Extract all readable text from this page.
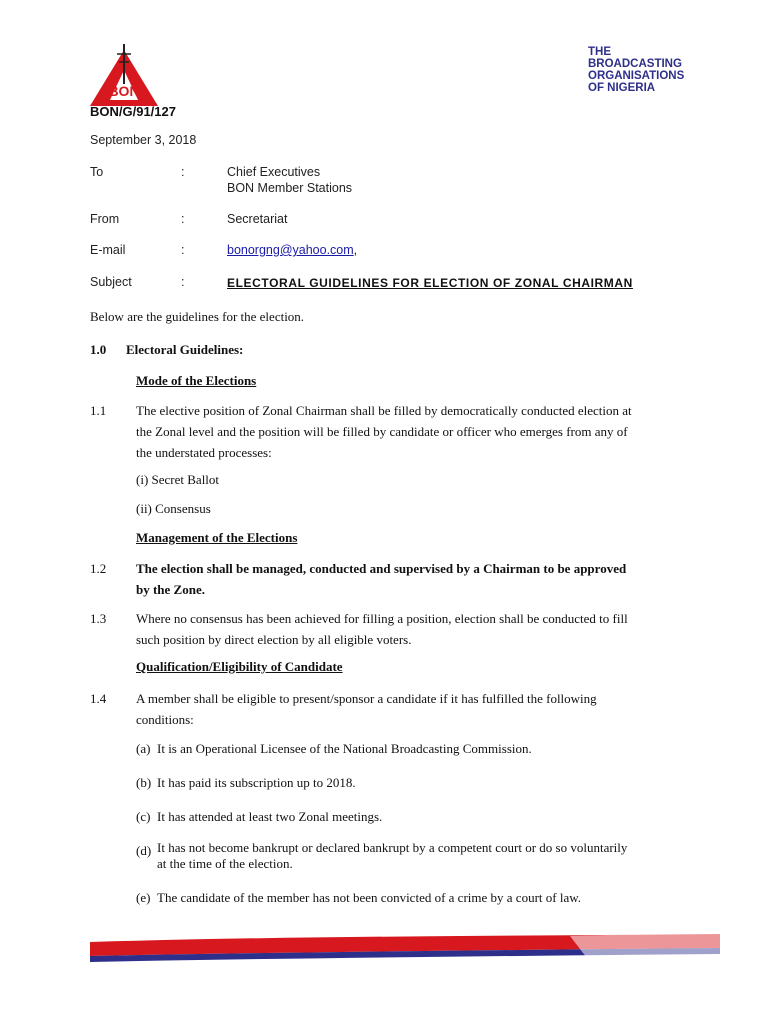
BON
THE
BROADCASTING
ORGANISATIONS
OF NIGERIA
BON/G/91/127
September 3, 2018
To	:	Chief Executives
BON Member Stations
From	:	Secretariat
E-mail	:	bonorgng@yahoo.com,
Subject	:	ELECTORAL GUIDELINES FOR ELECTION OF ZONAL CHAIRMAN
Below are the guidelines for the election.
1.0 Electoral Guidelines:
Mode of the Elections
1.1 The elective position of Zonal Chairman shall be filled by democratically conducted election at
the Zonal level and the position will be filled by candidate or officer who emerges from any of
the understated processes:
(i) Secret Ballot
(ii) Consensus
Management of the Elections
1.2 The election shall be managed, conducted and supervised by a Chairman to be approved
by the Zone.
1.3 Where no consensus has been achieved for filling a position, election shall be conducted to fill
such position by direct election by all eligible voters.
Qualification/Eligibility of Candidate
1.4 A member shall be eligible to present/sponsor a candidate if it has fulfilled the following
conditions:
(a) It is an Operational Licensee of the National Broadcasting Commission.
(b) It has paid its subscription up to 2018.
(c) It has attended at least two Zonal meetings.
(d) It has not become bankrupt or declared bankrupt by a competent court or do so voluntarily
at the time of the election.
(e) The candidate of the member has not been convicted of a crime by a court of law.
